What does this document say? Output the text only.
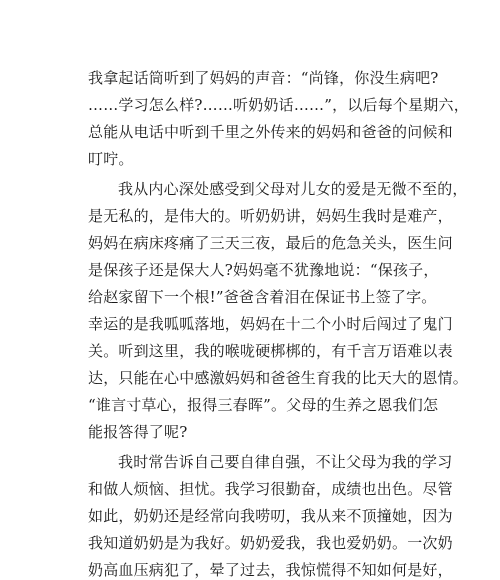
我拿起话筒听到了妈妈的声音：“尚锋，你没生病吧?
……学习怎么样?……听奶奶话……”，以后每个星期六，
总能从电话中听到千里之外传来的妈妈和爸爸的问候和
叮咛。
我从内心深处感受到父母对儿女的爱是无微不至的，
是无私的，是伟大的。听奶奶讲，妈妈生我时是难产，
妈妈在病床疼痛了三天三夜，最后的危急关头，医生问
是保孩子还是保大人?妈妈毫不犹豫地说：“保孩子，
给赵家留下一个根!”爸爸含着泪在保证书上签了字。
幸运的是我呱呱落地，妈妈在十二个小时后闯过了鬼门
关。听到这里，我的喉咙硬梆梆的，有千言万语难以表
达，只能在心中感激妈妈和爸爸生育我的比天大的恩情。
“谁言寸草心，报得三春晖”。父母的生养之恩我们怎
能报答得了呢?
我时常告诉自己要自律自强，不让父母为我的学习
和做人烦恼、担忧。我学习很勤奋，成绩也出色。尽管
如此，奶奶还是经常向我唠叨，我从来不顶撞她，因为
我知道奶奶是为我好。奶奶爱我，我也爱奶奶。一次奶
奶高血压病犯了，晕了过去，我惊慌得不知如何是好，
